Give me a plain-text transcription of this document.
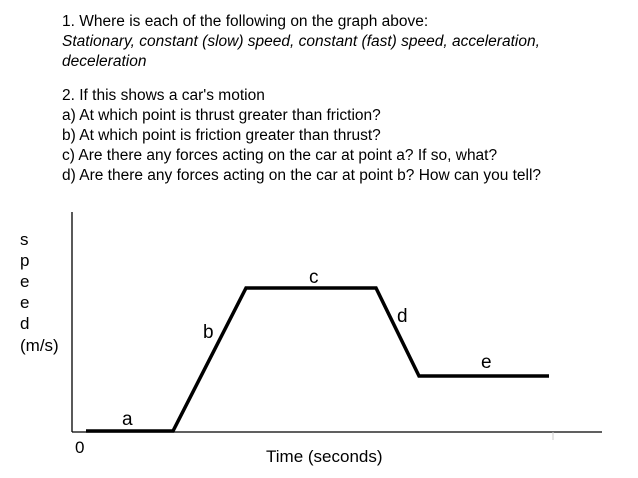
1. Where is each of the following on the graph above:
Stationary, constant (slow) speed, constant (fast) speed, acceleration,
deceleration
2. If this shows a car's motion
a) At which point is thrust greater than friction?
b) At which point is friction greater than thrust?
c) Are there any forces acting on the car at point a? If so, what?
d) Are there any forces acting on the car at point b? How can you tell?
s
p
e
e
d
(m/s)
0	Time (seconds)
a
b
c
d
e
